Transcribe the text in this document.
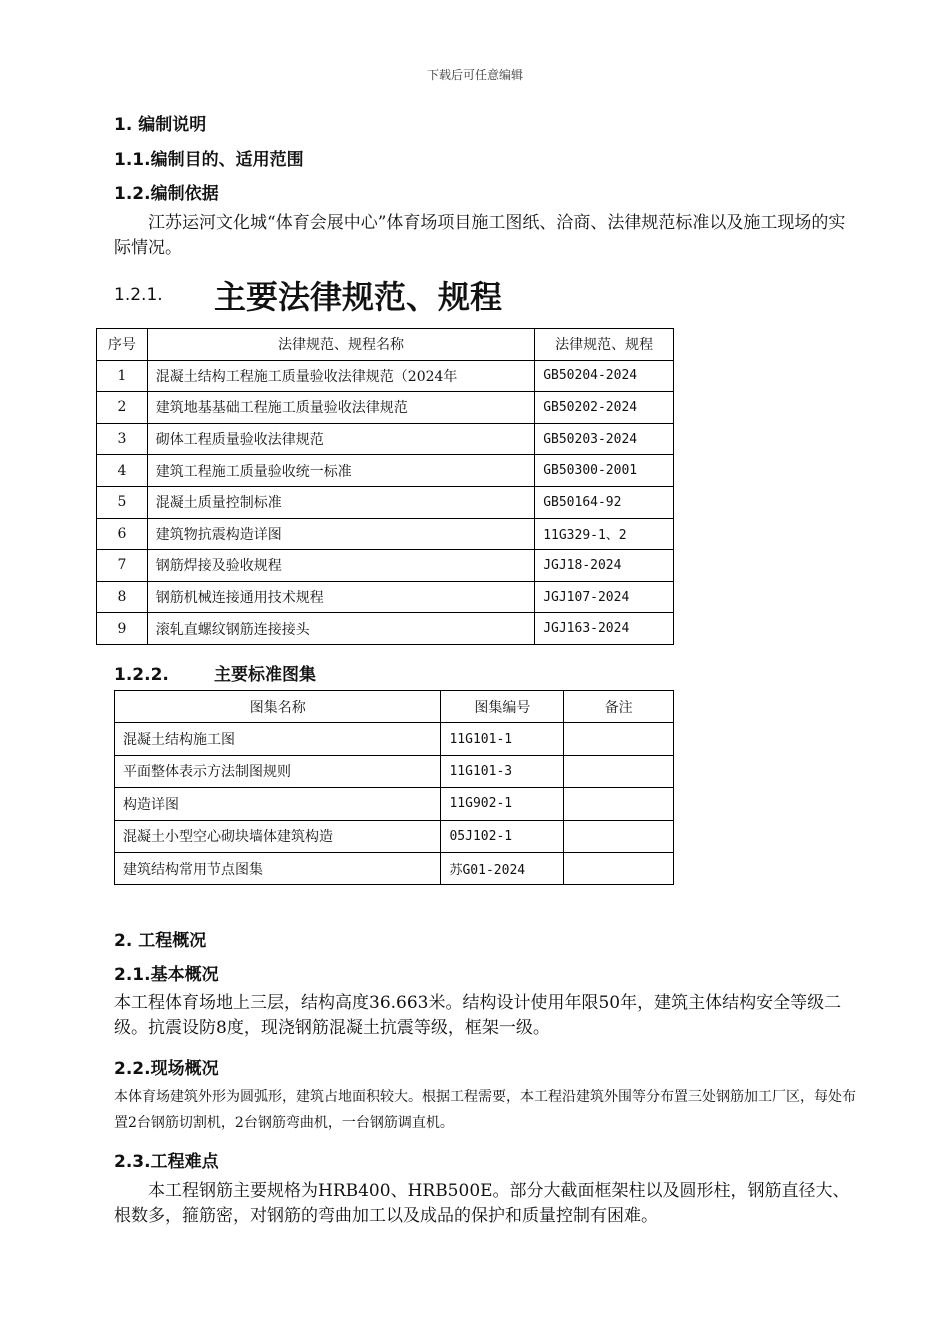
下载后可任意编辑
1. 编制说明
1.1.编制目的、适用范围
1.2.编制依据
江苏运河文化城“体育会展中心”体育场项目施工图纸、洽商、法律规范标准以及施工现场的实际情况。
1.2.1. 主要法律规范、规程
序号	法律规范、规程名称	法律规范、规程
1	混凝土结构工程施工质量验收法律规范（2024年	GB50204-2024
2	建筑地基基础工程施工质量验收法律规范	GB50202-2024
3	砌体工程质量验收法律规范	GB50203-2024
4	建筑工程施工质量验收统一标准	GB50300-2001
5	混凝土质量控制标准	GB50164-92
6	建筑物抗震构造详图	11G329-1、2
7	钢筋焊接及验收规程	JGJ18-2024
8	钢筋机械连接通用技术规程	JGJ107-2024
9	滚轧直螺纹钢筋连接接头	JGJ163-2024
1.2.2.	主要标准图集
图集名称	图集编号	备注
混凝土结构施工图	11G101-1	
平面整体表示方法制图规则	11G101-3	
构造详图	11G902-1	
混凝土小型空心砌块墙体建筑构造	05J102-1	
建筑结构常用节点图集	苏G01-2024	
2. 工程概况
2.1.基本概况
本工程体育场地上三层，结构高度36.663米。结构设计使用年限50年，建筑主体结构安全等级二级。抗震设防8度，现浇钢筋混凝土抗震等级，框架一级。
2.2.现场概况
本体育场建筑外形为圆弧形，建筑占地面积较大。根据工程需要，本工程沿建筑外围等分布置三处钢筋加工厂区，每处布置2台钢筋切割机，2台钢筋弯曲机，一台钢筋调直机。
2.3.工程难点
本工程钢筋主要规格为HRB400、HRB500E。部分大截面框架柱以及圆形柱，钢筋直径大、根数多，箍筋密，对钢筋的弯曲加工以及成品的保护和质量控制有困难。
